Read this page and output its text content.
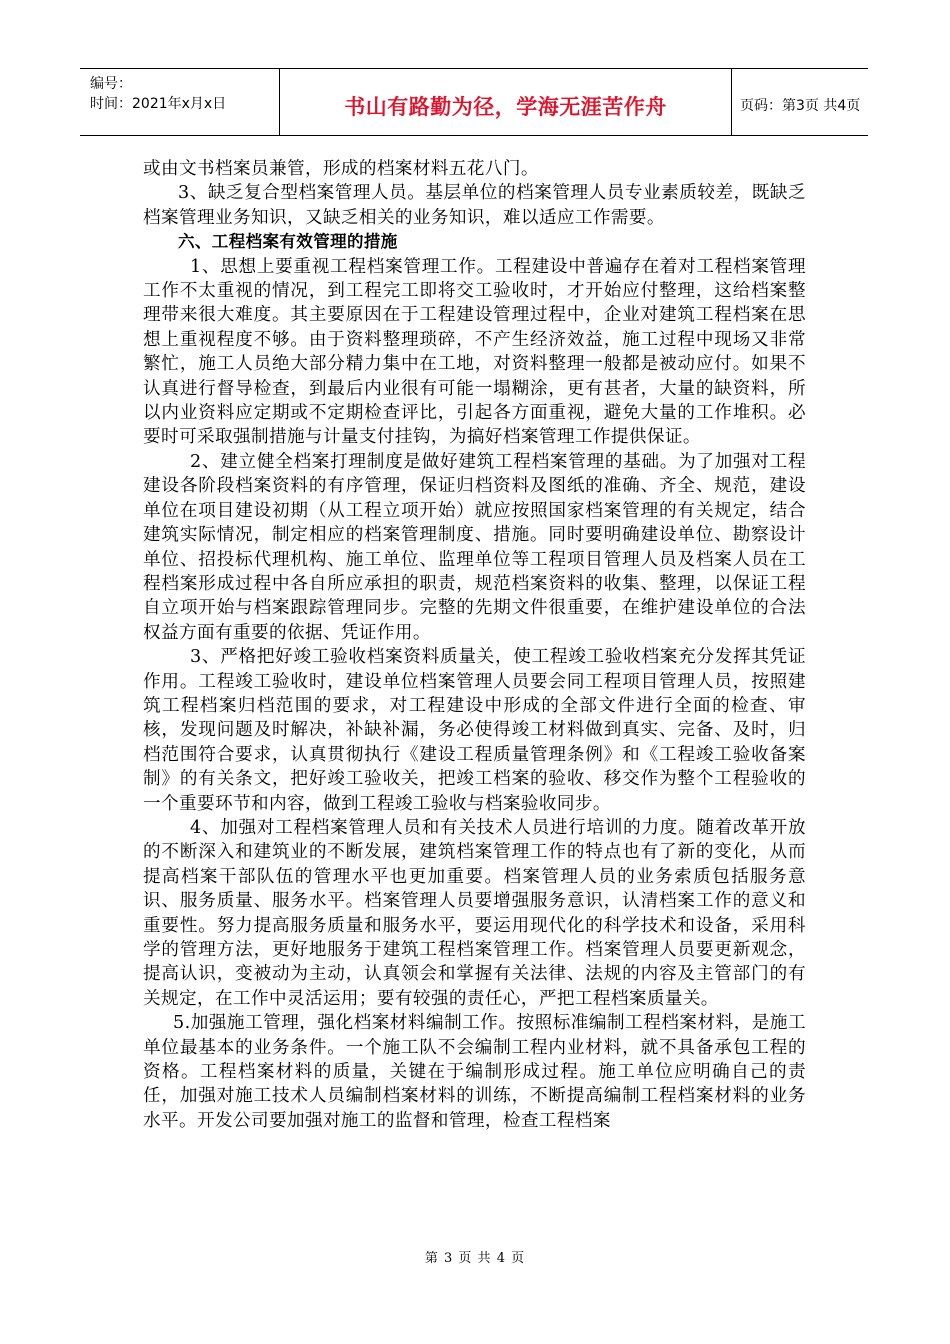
编号：
时间：2021年x月x日	书山有路勤为径，学海无涯苦作舟	页码：第3页 共4页

或由文书档案员兼管，形成的档案材料五花八门。

3、缺乏复合型档案管理人员。基层单位的档案管理人员专业素质较差，既缺乏档案管理业务知识，又缺乏相关的业务知识，难以适应工作需要。

六、工程档案有效管理的措施

1、思想上要重视工程档案管理工作。工程建设中普遍存在着对工程档案管理工作不太重视的情况，到工程完工即将交工验收时，才开始应付整理，这给档案整理带来很大难度。其主要原因在于工程建设管理过程中，企业对建筑工程档案在思想上重视程度不够。由于资料整理琐碎，不产生经济效益，施工过程中现场又非常繁忙，施工人员绝大部分精力集中在工地，对资料整理一般都是被动应付。如果不认真进行督导检查，到最后内业很有可能一塌糊涂，更有甚者，大量的缺资料，所以内业资料应定期或不定期检查评比，引起各方面重视，避免大量的工作堆积。必要时可采取强制措施与计量支付挂钩，为搞好档案管理工作提供保证。

2、建立健全档案打理制度是做好建筑工程档案管理的基础。为了加强对工程建设各阶段档案资料的有序管理，保证归档资料及图纸的准确、齐全、规范，建设单位在项目建设初期（从工程立项开始）就应按照国家档案管理的有关规定，结合建筑实际情况，制定相应的档案管理制度、措施。同时要明确建设单位、勘察设计单位、招投标代理机构、施工单位、监理单位等工程项目管理人员及档案人员在工程档案形成过程中各自所应承担的职责，规范档案资料的收集、整理，以保证工程自立项开始与档案跟踪管理同步。完整的先期文件很重要，在维护建设单位的合法权益方面有重要的依据、凭证作用。

3、严格把好竣工验收档案资料质量关，使工程竣工验收档案充分发挥其凭证作用。工程竣工验收时，建设单位档案管理人员要会同工程项目管理人员，按照建筑工程档案归档范围的要求，对工程建设中形成的全部文件进行全面的检查、审核，发现问题及时解决，补缺补漏，务必使得竣工材料做到真实、完备、及时，归档范围符合要求，认真贯彻执行《建设工程质量管理条例》和《工程竣工验收备案制》的有关条文，把好竣工验收关，把竣工档案的验收、移交作为整个工程验收的一个重要环节和内容，做到工程竣工验收与档案验收同步。

4、加强对工程档案管理人员和有关技术人员进行培训的力度。随着改革开放的不断深入和建筑业的不断发展，建筑档案管理工作的特点也有了新的变化，从而提高档案干部队伍的管理水平也更加重要。档案管理人员的业务索质包括服务意识、服务质量、服务水平。档案管理人员要增强服务意识，认清档案工作的意义和重要性。努力提高服务质量和服务水平，要运用现代化的科学技术和设备，采用科学的管理方法，更好地服务于建筑工程档案管理工作。档案管理人员要更新观念，提高认识，变被动为主动，认真领会和掌握有关法律、法规的内容及主管部门的有关规定，在工作中灵活运用；要有较强的责任心，严把工程档案质量关。

5.加强施工管理，强化档案材料编制工作。按照标准编制工程档案材料，是施工单位最基本的业务条件。一个施工队不会编制工程内业材料，就不具备承包工程的资格。工程档案材料的质量，关键在于编制形成过程。施工单位应明确自己的责任，加强对施工技术人员编制档案材料的训练，不断提高编制工程档案材料的业务水平。开发公司要加强对施工的监督和管理，检查工程档案

第 3 页 共 4 页
